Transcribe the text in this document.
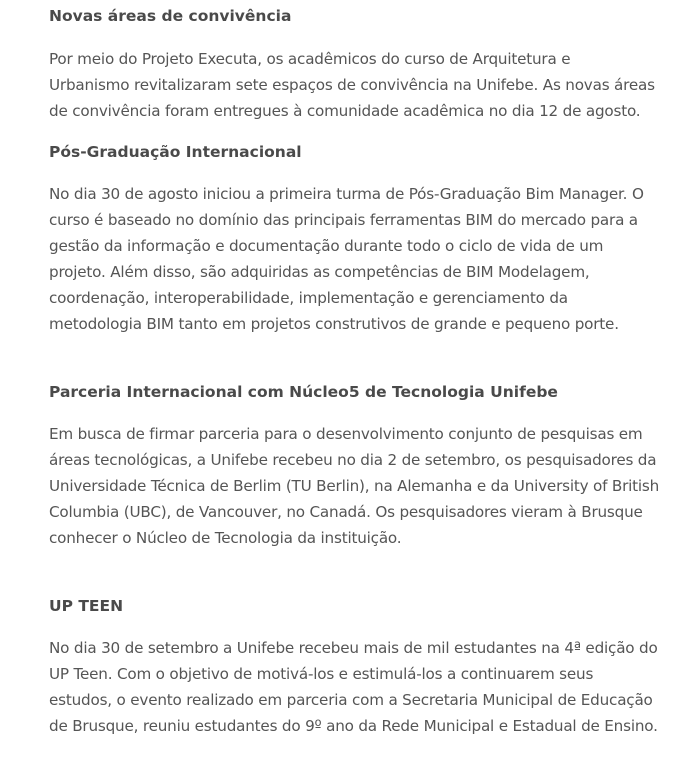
Novas áreas de convivência

Por meio do Projeto Executa, os acadêmicos do curso de Arquitetura e
Urbanismo revitalizaram sete espaços de convivência na Unifebe. As novas áreas
de convivência foram entregues à comunidade acadêmica no dia 12 de agosto.

Pós-Graduação Internacional

No dia 30 de agosto iniciou a primeira turma de Pós-Graduação Bim Manager. O
curso é baseado no domínio das principais ferramentas BIM do mercado para a
gestão da informação e documentação durante todo o ciclo de vida de um
projeto. Além disso, são adquiridas as competências de BIM Modelagem,
coordenação, interoperabilidade, implementação e gerenciamento da
metodologia BIM tanto em projetos construtivos de grande e pequeno porte.

Parceria Internacional com Núcleo5 de Tecnologia Unifebe

Em busca de firmar parceria para o desenvolvimento conjunto de pesquisas em
áreas tecnológicas, a Unifebe recebeu no dia 2 de setembro, os pesquisadores da
Universidade Técnica de Berlim (TU Berlin), na Alemanha e da University of British
Columbia (UBC), de Vancouver, no Canadá. Os pesquisadores vieram à Brusque
conhecer o Núcleo de Tecnologia da instituição.

UP TEEN

No dia 30 de setembro a Unifebe recebeu mais de mil estudantes na 4ª edição do
UP Teen. Com o objetivo de motivá-los e estimulá-los a continuarem seus
estudos, o evento realizado em parceria com a Secretaria Municipal de Educação
de Brusque, reuniu estudantes do 9º ano da Rede Municipal e Estadual de Ensino.
